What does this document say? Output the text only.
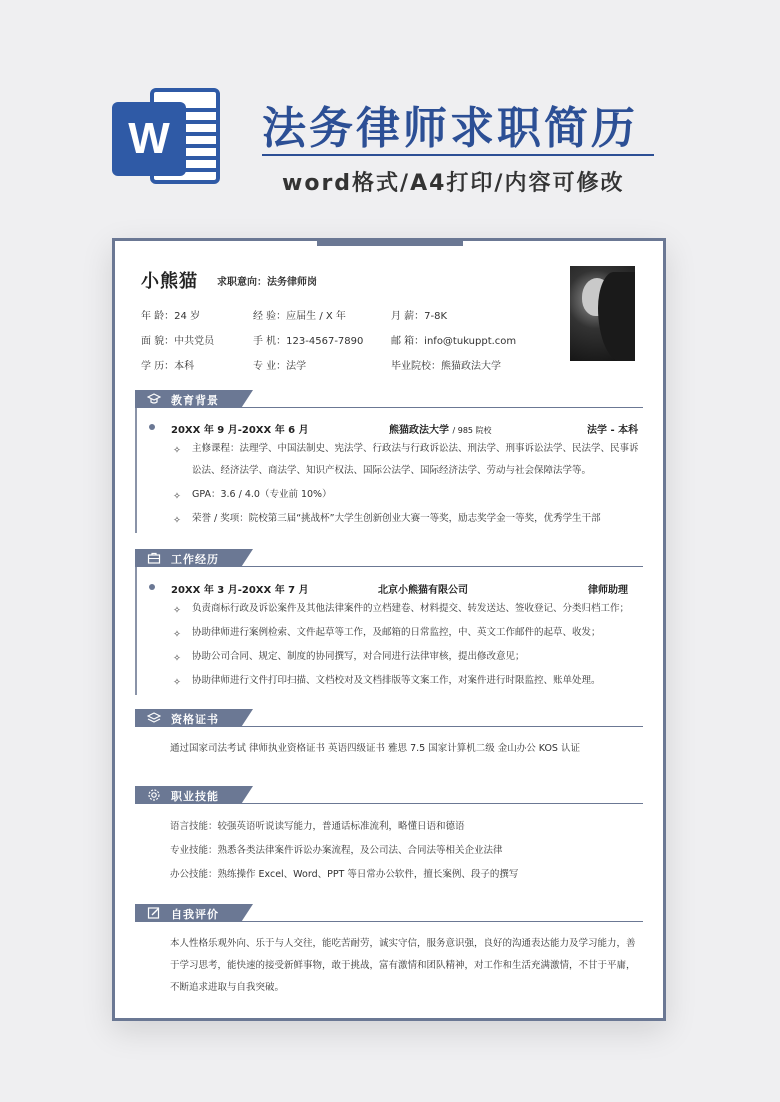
W	法务律师求职简历
word格式/A4打印/内容可修改
小熊猫 求职意向：法务律师岗
年 龄：24 岁	经 验：应届生 / X 年	月 薪：7-8K
面 貌：中共党员	手 机：123-4567-7890	邮 箱：info@tukuppt.com
学 历：本科	专 业：法学	毕业院校：熊猫政法大学
教育背景
20XX 年 9 月-20XX 年 6 月	熊猫政法大学 / 985 院校	法学 - 本科
✧ 主修课程：法理学、中国法制史、宪法学、行政法与行政诉讼法、刑法学、刑事诉讼法学、民法学、民事诉讼法、经济法学、商法学、知识产权法、国际公法学、国际经济法学、劳动与社会保障法学等。
✧ GPA：3.6 / 4.0（专业前 10%）
✧ 荣誉 / 奖项：院校第三届“挑战杯”大学生创新创业大赛一等奖，励志奖学金一等奖，优秀学生干部
工作经历
20XX 年 3 月-20XX 年 7 月	北京小熊猫有限公司	律师助理
✧ 负责商标行政及诉讼案件及其他法律案件的立档建卷、材料提交、转发送达、签收登记、分类归档工作；
✧ 协助律师进行案例检索、文件起草等工作，及邮箱的日常监控，中、英文工作邮件的起草、收发；
✧ 协助公司合同、规定、制度的协同撰写，对合同进行法律审核，提出修改意见；
✧ 协助律师进行文件打印扫描、文档校对及文档排版等文案工作，对案件进行时限监控、账单处理。
资格证书
通过国家司法考试 律师执业资格证书 英语四级证书 雅思 7.5 国家计算机二级 金山办公 KOS 认证
职业技能
语言技能：较强英语听说读写能力，普通话标准流利，略懂日语和德语
专业技能：熟悉各类法律案件诉讼办案流程，及公司法、合同法等相关企业法律
办公技能：熟练操作 Excel、Word、PPT 等日常办公软件，擅长案例、段子的撰写
自我评价
本人性格乐观外向、乐于与人交往，能吃苦耐劳，诚实守信，服务意识强，良好的沟通表达能力及学习能力，善于学习思考，能快速的接受新鲜事物，敢于挑战，富有激情和团队精神，对工作和生活充满激情，不甘于平庸，不断追求进取与自我突破。
